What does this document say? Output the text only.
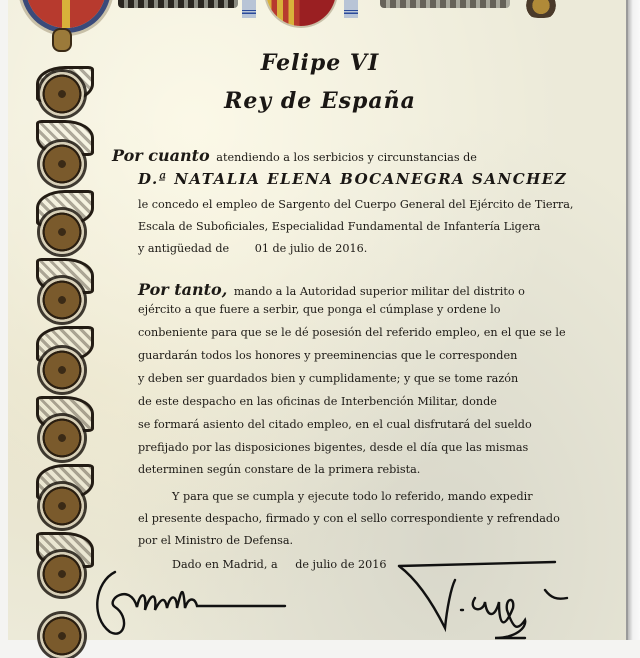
Felipe VI
Rey de España
Por cuanto atendiendo a los serbicios y circunstancias de
D.ª NATALIA ELENA BOCANEGRA SANCHEZ
le concedo el empleo de Sargento del Cuerpo General del Ejército de Tierra,
Escala de Suboficiales, Especialidad Fundamental de Infantería Ligera
y antigüedad de 01 de julio de 2016.
Por tanto, mando a la Autoridad superior militar del distrito o
ejército a que fuere a serbir, que ponga el cúmplase y ordene lo
conbeniente para que se le dé posesión del referido empleo, en el que se le
guardarán todos los honores y preeminencias que le corresponden
y deben ser guardados bien y cumplidamente; y que se tome razón
de este despacho en las oficinas de Interbención Militar, donde
se formará asiento del citado empleo, en el cual disfrutará del sueldo
prefijado por las disposiciones bigentes, desde el día que las mismas
determinen según constare de la primera rebista.
Y para que se cumpla y ejecute todo lo referido, mando expedir
el presente despacho, firmado y con el sello correspondiente y refrendado
por el Ministro de Defensa.
Dado en Madrid, a de julio de 2016
